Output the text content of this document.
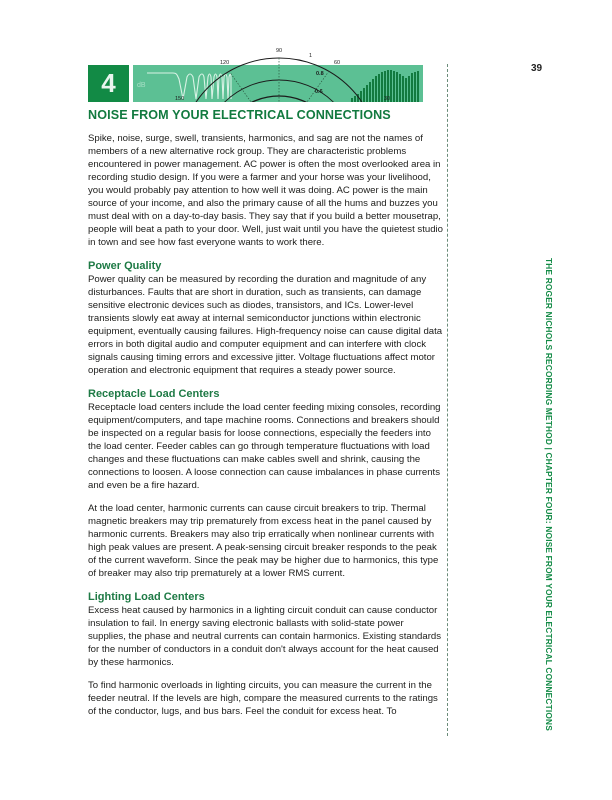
4	dB
90
120	60
1
0.8
0.6
150	30
39
THE ROGER NICHOLS RECORDING METHOD | CHAPTER FOUR: NOISE FROM YOUR ELECTRICAL CONNECTIONS
NOISE FROM YOUR ELECTRICAL CONNECTIONS

Spike, noise, surge, swell, transients, harmonics, and sag are not the names of members of a new alternative rock group. They are characteristic problems encountered in power management. AC power is often the most overlooked area in recording studio design. If you were a farmer and your horse was your livelihood, you would probably pay attention to how well it was doing. AC power is the main source of your income, and also the primary cause of all the hums and buzzes you must deal with on a day-to-day basis. They say that if you build a better mousetrap, people will beat a path to your door. Well, just wait until you have the quietest studio in town and see how fast everyone wants to work there.

Power Quality

Power quality can be measured by recording the duration and magnitude of any disturbances. Faults that are short in duration, such as transients, can damage sensitive electronic devices such as diodes, transistors, and ICs. Lower-level transients slowly eat away at internal semiconductor junctions within electronic equipment, eventually causing failures. High-frequency noise can cause digital data errors in both digital audio and computer equipment and can interfere with clock signals causing timing errors and excessive jitter. Voltage fluctuations affect motor operation and electronic equipment that requires a steady power source.

Receptacle Load Centers

Receptacle load centers include the load center feeding mixing consoles, recording equipment/computers, and tape machine rooms. Connections and breakers should be inspected on a regular basis for loose connections, especially the feeders into the load center. Feeder cables can go through temperature fluctuations with load changes and these fluctuations can make cables swell and shrink, causing the connections to loosen. A loose connection can cause imbalances in phase currents and even be a fire hazard.

At the load center, harmonic currents can cause circuit breakers to trip. Thermal magnetic breakers may trip prematurely from excess heat in the panel caused by harmonic currents. Breakers may also trip erratically when nonlinear currents with high peak values are present. A peak-sensing circuit breaker responds to the peak of the current waveform. Since the peak may be higher due to harmonics, this type of breaker may also trip prematurely at a lower RMS current.

Lighting Load Centers

Excess heat caused by harmonics in a lighting circuit conduit can cause conductor insulation to fail. In energy saving electronic ballasts with solid-state power supplies, the phase and neutral currents can contain harmonics. Existing standards for the number of conductors in a conduit don't always account for the heat caused by these harmonics.

To find harmonic overloads in lighting circuits, you can measure the current in the feeder neutral. If the levels are high, compare the measured currents to the ratings of the conductor, lugs, and bus bars. Feel the conduit for excess heat. To
